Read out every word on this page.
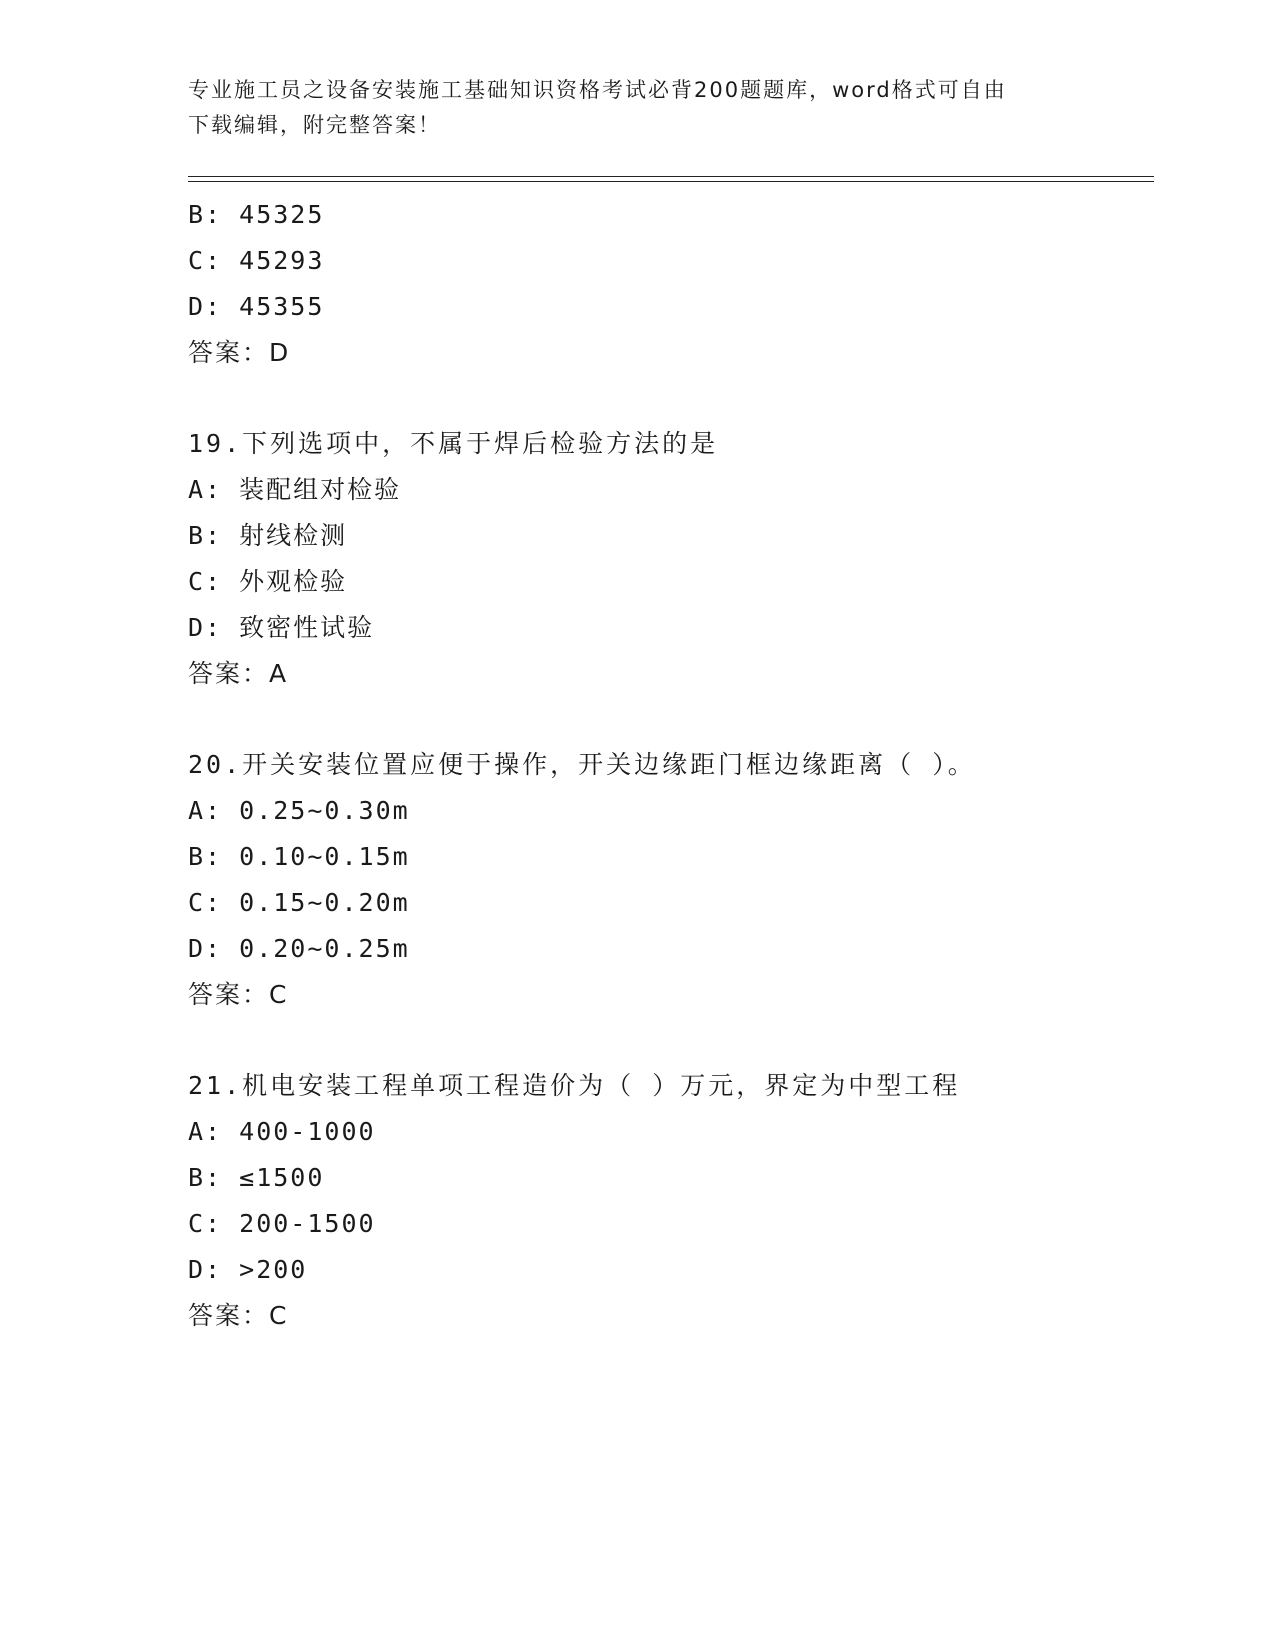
专业施工员之设备安装施工基础知识资格考试必背200题题库，word格式可自由
下载编辑，附完整答案！
B: 45325
C: 45293
D: 45355
答案：D
19.下列选项中，不属于焊后检验方法的是
A: 装配组对检验
B: 射线检测
C: 外观检验
D: 致密性试验
答案：A
20.开关安装位置应便于操作，开关边缘距门框边缘距离（ ）。
A: 0.25~0.30m
B: 0.10~0.15m
C: 0.15~0.20m
D: 0.20~0.25m
答案：C
21.机电安装工程单项工程造价为（ ）万元，界定为中型工程
A: 400-1000
B: ≤1500
C: 200-1500
D: >200
答案：C
